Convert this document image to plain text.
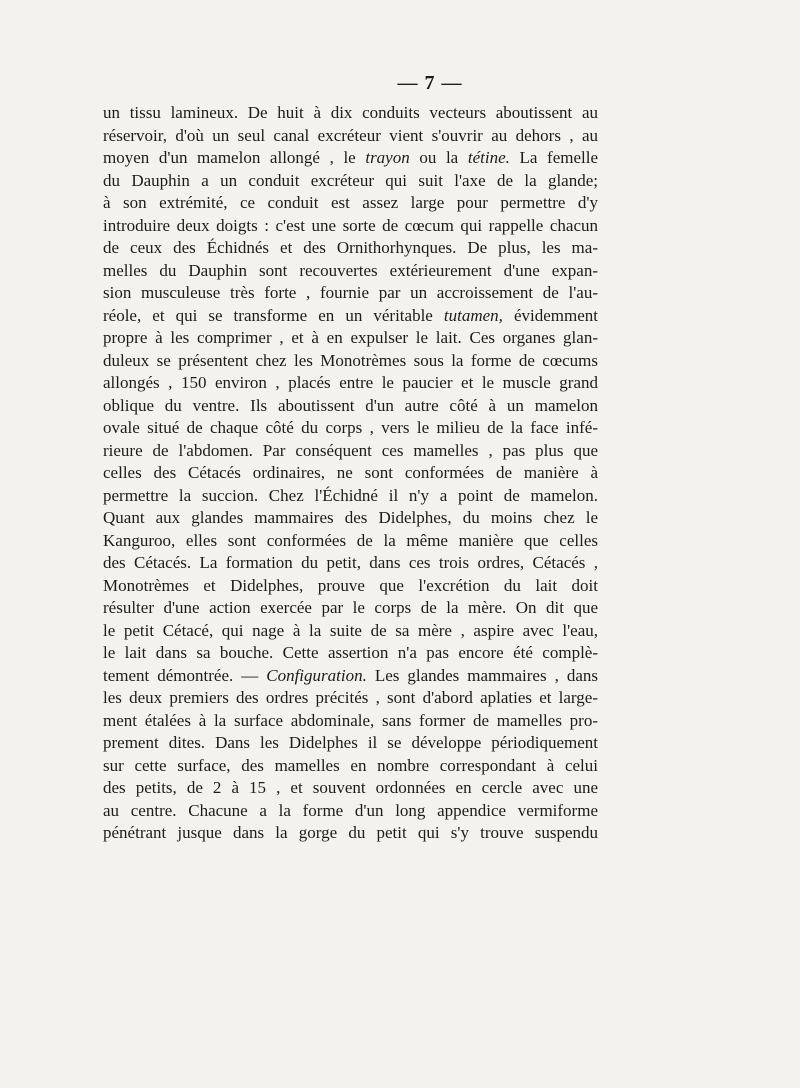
— 7 —
un tissu lamineux. De huit à dix conduits vecteurs aboutissent au
réservoir, d'où un seul canal excréteur vient s'ouvrir au dehors , au
moyen d'un mamelon allongé , le trayon ou la tétine. La femelle
du Dauphin a un conduit excréteur qui suit l'axe de la glande;
à son extrémité, ce conduit est assez large pour permettre d'y
introduire deux doigts : c'est une sorte de cœcum qui rappelle chacun
de ceux des Échidnés et des Ornithorhynques. De plus, les ma-
melles du Dauphin sont recouvertes extérieurement d'une expan-
sion musculeuse très forte , fournie par un accroissement de l'au-
réole, et qui se transforme en un véritable tutamen, évidemment
propre à les comprimer , et à en expulser le lait. Ces organes glan-
duleux se présentent chez les Monotrèmes sous la forme de cœcums
allongés , 150 environ , placés entre le paucier et le muscle grand
oblique du ventre. Ils aboutissent d'un autre côté à un mamelon
ovale situé de chaque côté du corps , vers le milieu de la face infé-
rieure de l'abdomen. Par conséquent ces mamelles , pas plus que
celles des Cétacés ordinaires, ne sont conformées de manière à
permettre la succion. Chez l'Échidné il n'y a point de mamelon.
Quant aux glandes mammaires des Didelphes, du moins chez le
Kanguroo, elles sont conformées de la même manière que celles
des Cétacés. La formation du petit, dans ces trois ordres, Cétacés ,
Monotrèmes et Didelphes, prouve que l'excrétion du lait doit
résulter d'une action exercée par le corps de la mère. On dit que
le petit Cétacé, qui nage à la suite de sa mère , aspire avec l'eau,
le lait dans sa bouche. Cette assertion n'a pas encore été complè-
tement démontrée. — Configuration. Les glandes mammaires , dans
les deux premiers des ordres précités , sont d'abord aplaties et large-
ment étalées à la surface abdominale, sans former de mamelles pro-
prement dites. Dans les Didelphes il se développe périodiquement
sur cette surface, des mamelles en nombre correspondant à celui
des petits, de 2 à 15 , et souvent ordonnées en cercle avec une
au centre. Chacune a la forme d'un long appendice vermiforme
pénétrant jusque dans la gorge du petit qui s'y trouve suspendu
